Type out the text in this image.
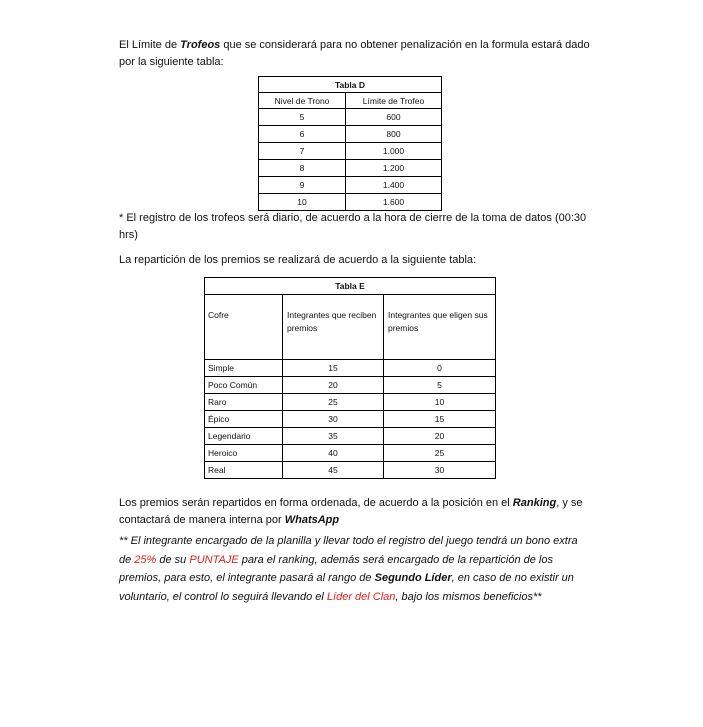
El Límite de Trofeos que se considerará para no obtener penalización en la formula estará dado por la siguiente tabla:
Tabla D	
Nivel de Trono	Límite de Trofeo
5	600
6	800
7	1.000
8	1.200
9	1.400
10	1.600
* El registro de los trofeos será diario, de acuerdo a la hora de cierre de la toma de datos (00:30 hrs)
La repartición de los premios se realizará de acuerdo a la siguiente tabla:
Tabla E		
Cofre	Integrantes que reciben premios	Integrantes que eligen sus premios
Simple	15	0
Poco Común	20	5
Raro	25	10
Épico	30	15
Legendario	35	20
Heroico	40	25
Real	45	30
Los premios serán repartidos en forma ordenada, de acuerdo a la posición en el Ranking, y se contactará de manera interna por WhatsApp
** El integrante encargado de la planilla y llevar todo el registro del juego tendrá un bono extra de 25% de su PUNTAJE para el ranking, además será encargado de la repartición de los premios, para esto, el integrante pasará al rango de Segundo Líder, en caso de no existir un voluntario, el control lo seguirá llevando el Líder del Clan, bajo los mismos beneficios**
